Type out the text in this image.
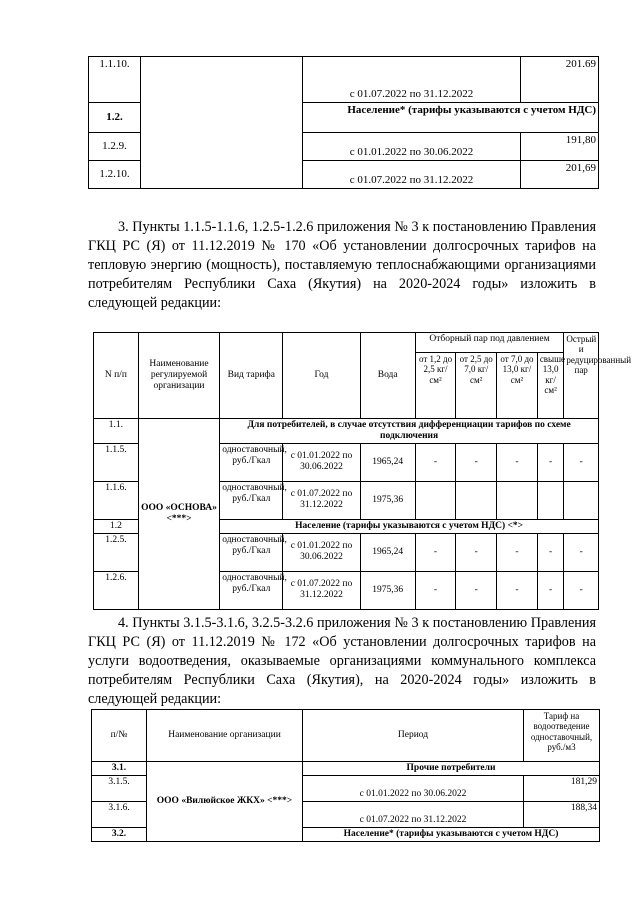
1.1.10.		с 01.07.2022 по 31.12.2022	201.69
1.2.		Население* (тарифы указываются с учетом НДС)	
1.2.9.		с 01.01.2022 по 30.06.2022	191,80
1.2.10.		с 01.07.2022 по 31.12.2022	201,69

3. Пункты 1.1.5-1.1.6, 1.2.5-1.2.6 приложения № 3 к постановлению Правления ГКЦ РС (Я) от 11.12.2019 № 170 «Об установлении долгосрочных тарифов на тепловую энергию (мощность), поставляемую теплоснабжающими организациями потребителям Республики Саха (Якутия) на 2020-2024 годы» изложить в следующей редакции:

N п/п	Наименование регулируемой организации	Вид тарифа	Год	Вода	Отборный пар под давлением				Острый и редуцированный пар
					от 1,2 до 2,5 кг/см²	от 2,5 до 7,0 кг/см²	от 7,0 до 13,0 кг/см²	свыше 13,0 кг/см²	
1.1.	ООО «ОСНОВА» <***>	Для потребителей, в случае отсутствия дифференциации тарифов по схеме подключения							
1.1.5.		одноставочный, руб./Гкал	с 01.01.2022 по 30.06.2022	1965,24	-	-	-	-	-
1.1.6.		одноставочный, руб./Гкал	с 01.07.2022 по 31.12.2022	1975,36					
1.2		Население (тарифы указываются с учетом НДС) <*>							
1.2.5.		одноставочный, руб./Гкал	с 01.01.2022 по 30.06.2022	1965,24	-	-	-	-	-
1.2.6.		одноставочный, руб./Гкал	с 01.07.2022 по 31.12.2022	1975,36	-	-	-	-	-

4. Пункты 3.1.5-3.1.6, 3.2.5-3.2.6 приложения № 3 к постановлению Правления ГКЦ РС (Я) от 11.12.2019 № 172 «Об установлении долгосрочных тарифов на услуги водоотведения, оказываемые организациями коммунального комплекса потребителям Республики Саха (Якутия), на 2020-2024 годы» изложить в следующей редакции:

п/№	Наименование организации	Период	Тариф на водоотведение одноставочный, руб./м3
3.1.	ООО «Вилюйское ЖКХ» <***>	Прочие потребители	
3.1.5.		с 01.01.2022 по 30.06.2022	181,29
3.1.6.		с 01.07.2022 по 31.12.2022	188,34
3.2.		Население* (тарифы указываются с учетом НДС)	
